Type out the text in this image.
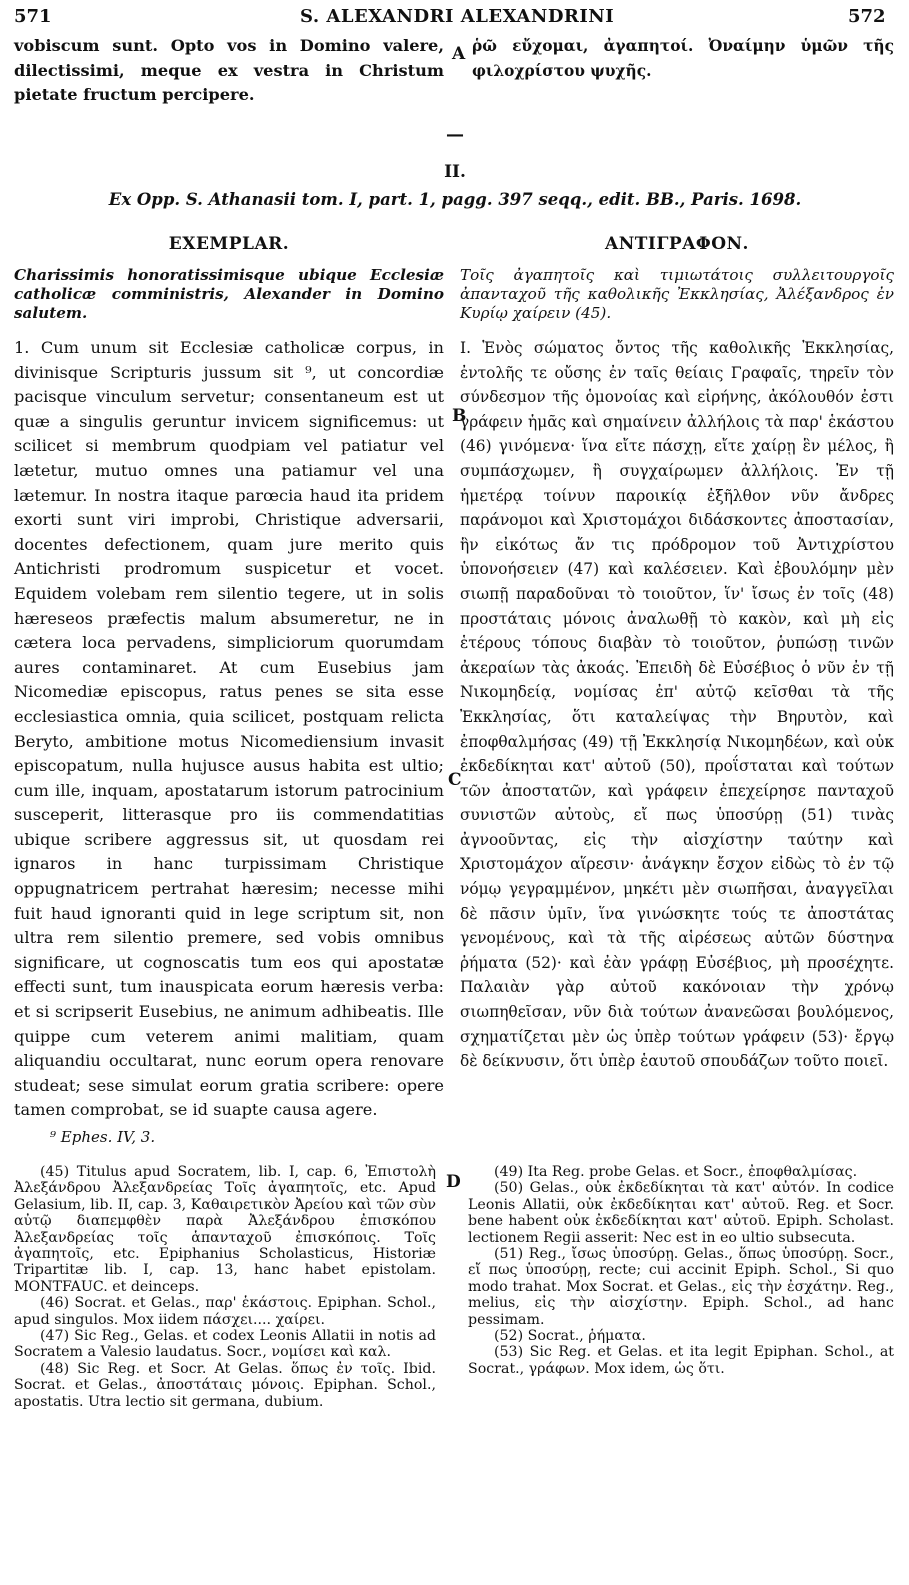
571	S. ALEXANDRI ALEXANDRINI	572
vobiscum sunt. Opto vos in Domino valere, dilectissimi, meque ex vestra in Christum pietate fructum percipere.
A ῥῶ εὔχομαι, ἀγαπητοί. Ὀναίμην ὑμῶν τῆς φιλοχρίστου ψυχῆς.
—
II.
Ex Opp. S. Athanasii tom. I, part. 1, pagg. 397 seqq., edit. BB., Paris. 1698.
EXEMPLAR.	ΑΝΤΙΓΡΑΦΟΝ.
Charissimis honoratissimisque ubique Ecclesiæ catholicæ comministris, Alexander in Domino salutem.
Τοῖς ἀγαπητοῖς καὶ τιμιωτάτοις συλλειτουργοῖς ἀπανταχοῦ τῆς καθολικῆς Ἐκκλησίας, Ἀλέξανδρος ἐν Κυρίῳ χαίρειν (45).
1. Cum unum sit Ecclesiæ catholicæ corpus, in divinisque Scripturis jussum sit ⁹, ut concordiæ pacisque vinculum servetur; consentaneum est ut quæ a singulis geruntur invicem significemus: ut scilicet si membrum quodpiam vel patiatur vel lætetur, mutuo omnes una patiamur vel una lætemur. In nostra itaque parœcia haud ita pridem exorti sunt viri improbi, Christique adversarii, docentes defectionem, quam jure merito quis Antichristi prodromum suspicetur et vocet. Equidem volebam rem silentio tegere, ut in solis hæreseos præfectis malum absumeretur, ne in cætera loca pervadens, simpliciorum quorumdam aures contaminaret. At cum Eusebius jam Nicomediæ episcopus, ratus penes se sita esse ecclesiastica omnia, quia scilicet, postquam relicta Beryto, ambitione motus Nicomediensium invasit episcopatum, nulla hujusce ausus habita est ultio; cum ille, inquam, apostatarum istorum patrocinium susceperit, litterasque pro iis commendatitias ubique scribere aggressus sit, ut quosdam rei ignaros in hanc turpissimam Christique oppugnatricem pertrahat hæresim; necesse mihi fuit haud ignoranti quid in lege scriptum sit, non ultra rem silentio premere, sed vobis omnibus significare, ut cognoscatis tum eos qui apostatæ effecti sunt, tum inauspicata eorum hæresis verba: et si scripserit Eusebius, ne animum adhibeatis. Ille quippe cum veterem animi malitiam, quam aliquandiu occultarat, nunc eorum opera renovare studeat; sese simulat eorum gratia scribere: opere tamen comprobat, se id suapte causa agere.
B
C
I. Ἑνὸς σώματος ὄντος τῆς καθολικῆς Ἐκκλησίας, ἐντολῆς τε οὔσης ἐν ταῖς θείαις Γραφαῖς, τηρεῖν τὸν σύνδεσμον τῆς ὁμονοίας καὶ εἰρήνης, ἀκόλουθόν ἐστι γράφειν ἡμᾶς καὶ σημαίνειν ἀλλήλοις τὰ παρ' ἑκάστου (46) γινόμενα· ἵνα εἴτε πάσχῃ, εἴτε χαίρῃ ἓν μέλος, ἢ συμπάσχωμεν, ἢ συγχαίρωμεν ἀλλήλοις. Ἐν τῇ ἡμετέρᾳ τοίνυν παροικίᾳ ἐξῆλθον νῦν ἄνδρες παράνομοι καὶ Χριστομάχοι διδάσκοντες ἀποστασίαν, ἣν εἰκότως ἄν τις πρόδρομον τοῦ Ἀντιχρίστου ὑπονοήσειεν (47) καὶ καλέσειεν. Καὶ ἐβουλόμην μὲν σιωπῇ παραδοῦναι τὸ τοιοῦτον, ἵν' ἴσως ἐν τοῖς (48) προστάταις μόνοις ἀναλωθῇ τὸ κακὸν, καὶ μὴ εἰς ἑτέρους τόπους διαβὰν τὸ τοιοῦτον, ῥυπώσῃ τινῶν ἀκεραίων τὰς ἀκοάς. Ἐπειδὴ δὲ Εὐσέβιος ὁ νῦν ἐν τῇ Νικομηδείᾳ, νομίσας ἐπ' αὐτῷ κεῖσθαι τὰ τῆς Ἐκκλησίας, ὅτι καταλείψας τὴν Βηρυτὸν, καὶ ἐποφθαλμήσας (49) τῇ Ἐκκλησίᾳ Νικομηδέων, καὶ οὐκ ἐκδεδίκηται κατ' αὐτοῦ (50), προΐσταται καὶ τούτων τῶν ἀποστατῶν, καὶ γράφειν ἐπεχείρησε πανταχοῦ συνιστῶν αὐτοὺς, εἴ πως ὑποσύρῃ (51) τινὰς ἀγνοοῦντας, εἰς τὴν αἰσχίστην ταύτην καὶ Χριστομάχον αἵρεσιν· ἀνάγκην ἔσχον εἰδὼς τὸ ἐν τῷ νόμῳ γεγραμμένον, μηκέτι μὲν σιωπῆσαι, ἀναγγεῖλαι δὲ πᾶσιν ὑμῖν, ἵνα γινώσκητε τούς τε ἀποστάτας γενομένους, καὶ τὰ τῆς αἱρέσεως αὐτῶν δύστηνα ῥήματα (52)· καὶ ἐὰν γράφῃ Εὐσέβιος, μὴ προσέχητε. Παλαιὰν γὰρ αὐτοῦ κακόνοιαν τὴν χρόνῳ σιωπηθεῖσαν, νῦν διὰ τούτων ἀνανεῶσαι βουλόμενος, σχηματίζεται μὲν ὡς ὑπὲρ τούτων γράφειν (53)· ἔργῳ δὲ δείκνυσιν, ὅτι ὑπὲρ ἑαυτοῦ σπουδάζων τοῦτο ποιεῖ.
⁹ Ephes. IV, 3.

(45) Titulus apud Socratem, lib. I, cap. 6, Ἐπιστολὴ Ἀλεξάνδρου Ἀλεξανδρείας Τοῖς ἀγαπητοῖς, etc. Apud Gelasium, lib. II, cap. 3, Καθαιρετικὸν Ἀρείου καὶ τῶν σὺν αὐτῷ διαπεμφθὲν παρὰ Ἀλεξάνδρου ἐπισκόπου Ἀλεξανδρείας τοῖς ἁπανταχοῦ ἐπισκόποις. Τοῖς ἀγαπητοῖς, etc. Epiphanius Scholasticus, Historiæ Tripartitæ lib. I, cap. 13, hanc habet epistolam. MONTFAUC. et deinceps.

(46) Socrat. et Gelas., παρ' ἑκάστοις. Epiphan. Schol., apud singulos. Mox iidem πάσχει.... χαίρει.

(47) Sic Reg., Gelas. et codex Leonis Allatii in notis ad Socratem a Valesio laudatus. Socr., νομίσει καὶ καλ.

(48) Sic Reg. et Socr. At Gelas. ὅπως ἐν τοῖς. Ibid. Socrat. et Gelas., ἀποστάταις μόνοις. Epiphan. Schol., apostatis. Utra lectio sit germana, dubium.

D	(49) Ita Reg. probe Gelas. et Socr., ἐποφθαλμίσας.

(50) Gelas., οὐκ ἐκδεδίκηται τὰ κατ' αὐτόν. In codice Leonis Allatii, οὐκ ἐκδεδίκηται κατ' αὐτοῦ. Reg. et Socr. bene habent οὐκ ἐκδεδίκηται κατ' αὐτοῦ. Epiph. Scholast. lectionem Regii asserit: Nec est in eo ultio subsecuta.

(51) Reg., ἴσως ὑποσύρῃ. Gelas., ὅπως ὑποσύρῃ. Socr., εἴ πως ὑποσύρῃ, recte; cui accinit Epiph. Schol., Si quo modo trahat. Mox Socrat. et Gelas., εἰς τὴν ἐσχάτην. Reg., melius, εἰς τὴν αἰσχίστην. Epiph. Schol., ad hanc pessimam.

(52) Socrat., ῥήματα.

(53) Sic Reg. et Gelas. et ita legit Epiphan. Schol., at Socrat., γράφων. Mox idem, ὡς ὅτι.
